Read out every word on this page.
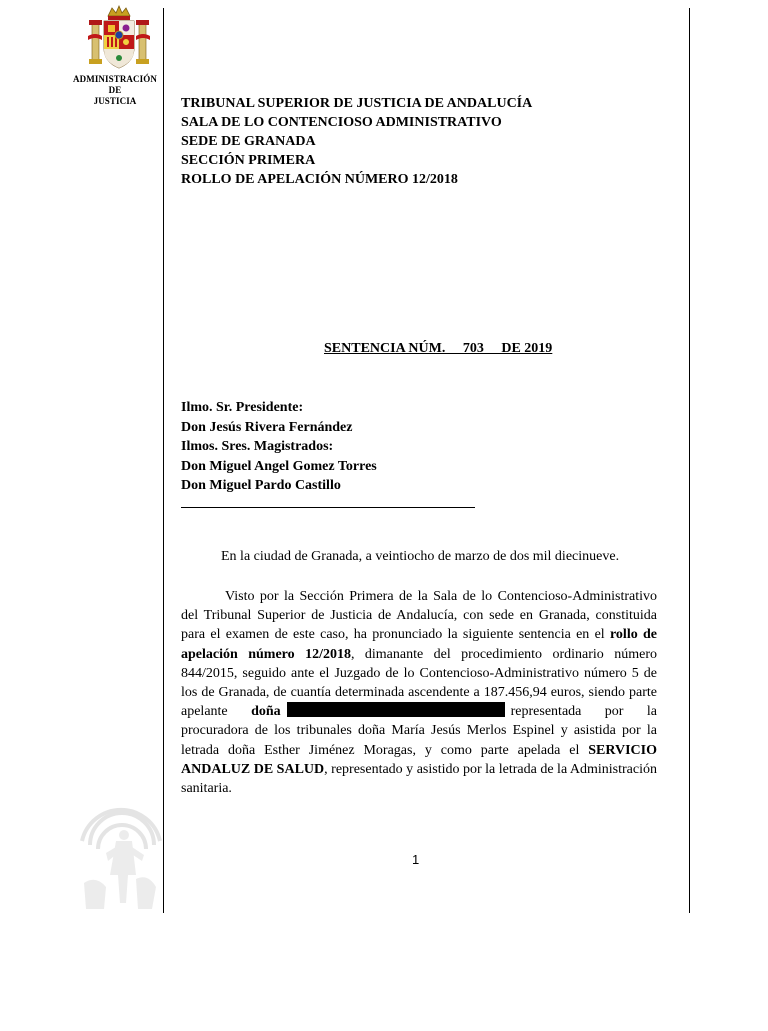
ADMINISTRACIÓN
DE
JUSTICIA	TRIBUNAL SUPERIOR DE JUSTICIA DE ANDALUCÍA
SALA DE LO CONTENCIOSO ADMINISTRATIVO
SEDE DE GRANADA
SECCIÓN PRIMERA
ROLLO DE APELACIÓN NÚMERO 12/2018
SENTENCIA NÚM.     703     DE 2019
Ilmo. Sr. Presidente:
Don Jesús Rivera Fernández
Ilmos. Sres. Magistrados:
Don Miguel Angel Gomez Torres
Don Miguel Pardo Castillo
En la ciudad de Granada, a veintiocho de marzo de dos mil diecinueve.
Visto por la Sección Primera de la Sala de lo Contencioso-Administrativo del Tribunal Superior de Justicia de Andalucía, con sede en Granada, constituida para el examen de este caso, ha pronunciado la siguiente sentencia en el rollo de apelación número 12/2018, dimanante del procedimiento ordinario número 844/2015, seguido ante el Juzgado de lo Contencioso-Administrativo número 5 de los de Granada, de cuantía determinada ascendente a 187.456,94 euros, siendo parte apelante doña	representada por la procuradora de los tribunales doña María Jesús Merlos Espinel y asistida por la letrada doña Esther Jiménez Moragas, y como parte apelada el SERVICIO ANDALUZ DE SALUD, representado y asistido por la letrada de la Administración sanitaria.
1
